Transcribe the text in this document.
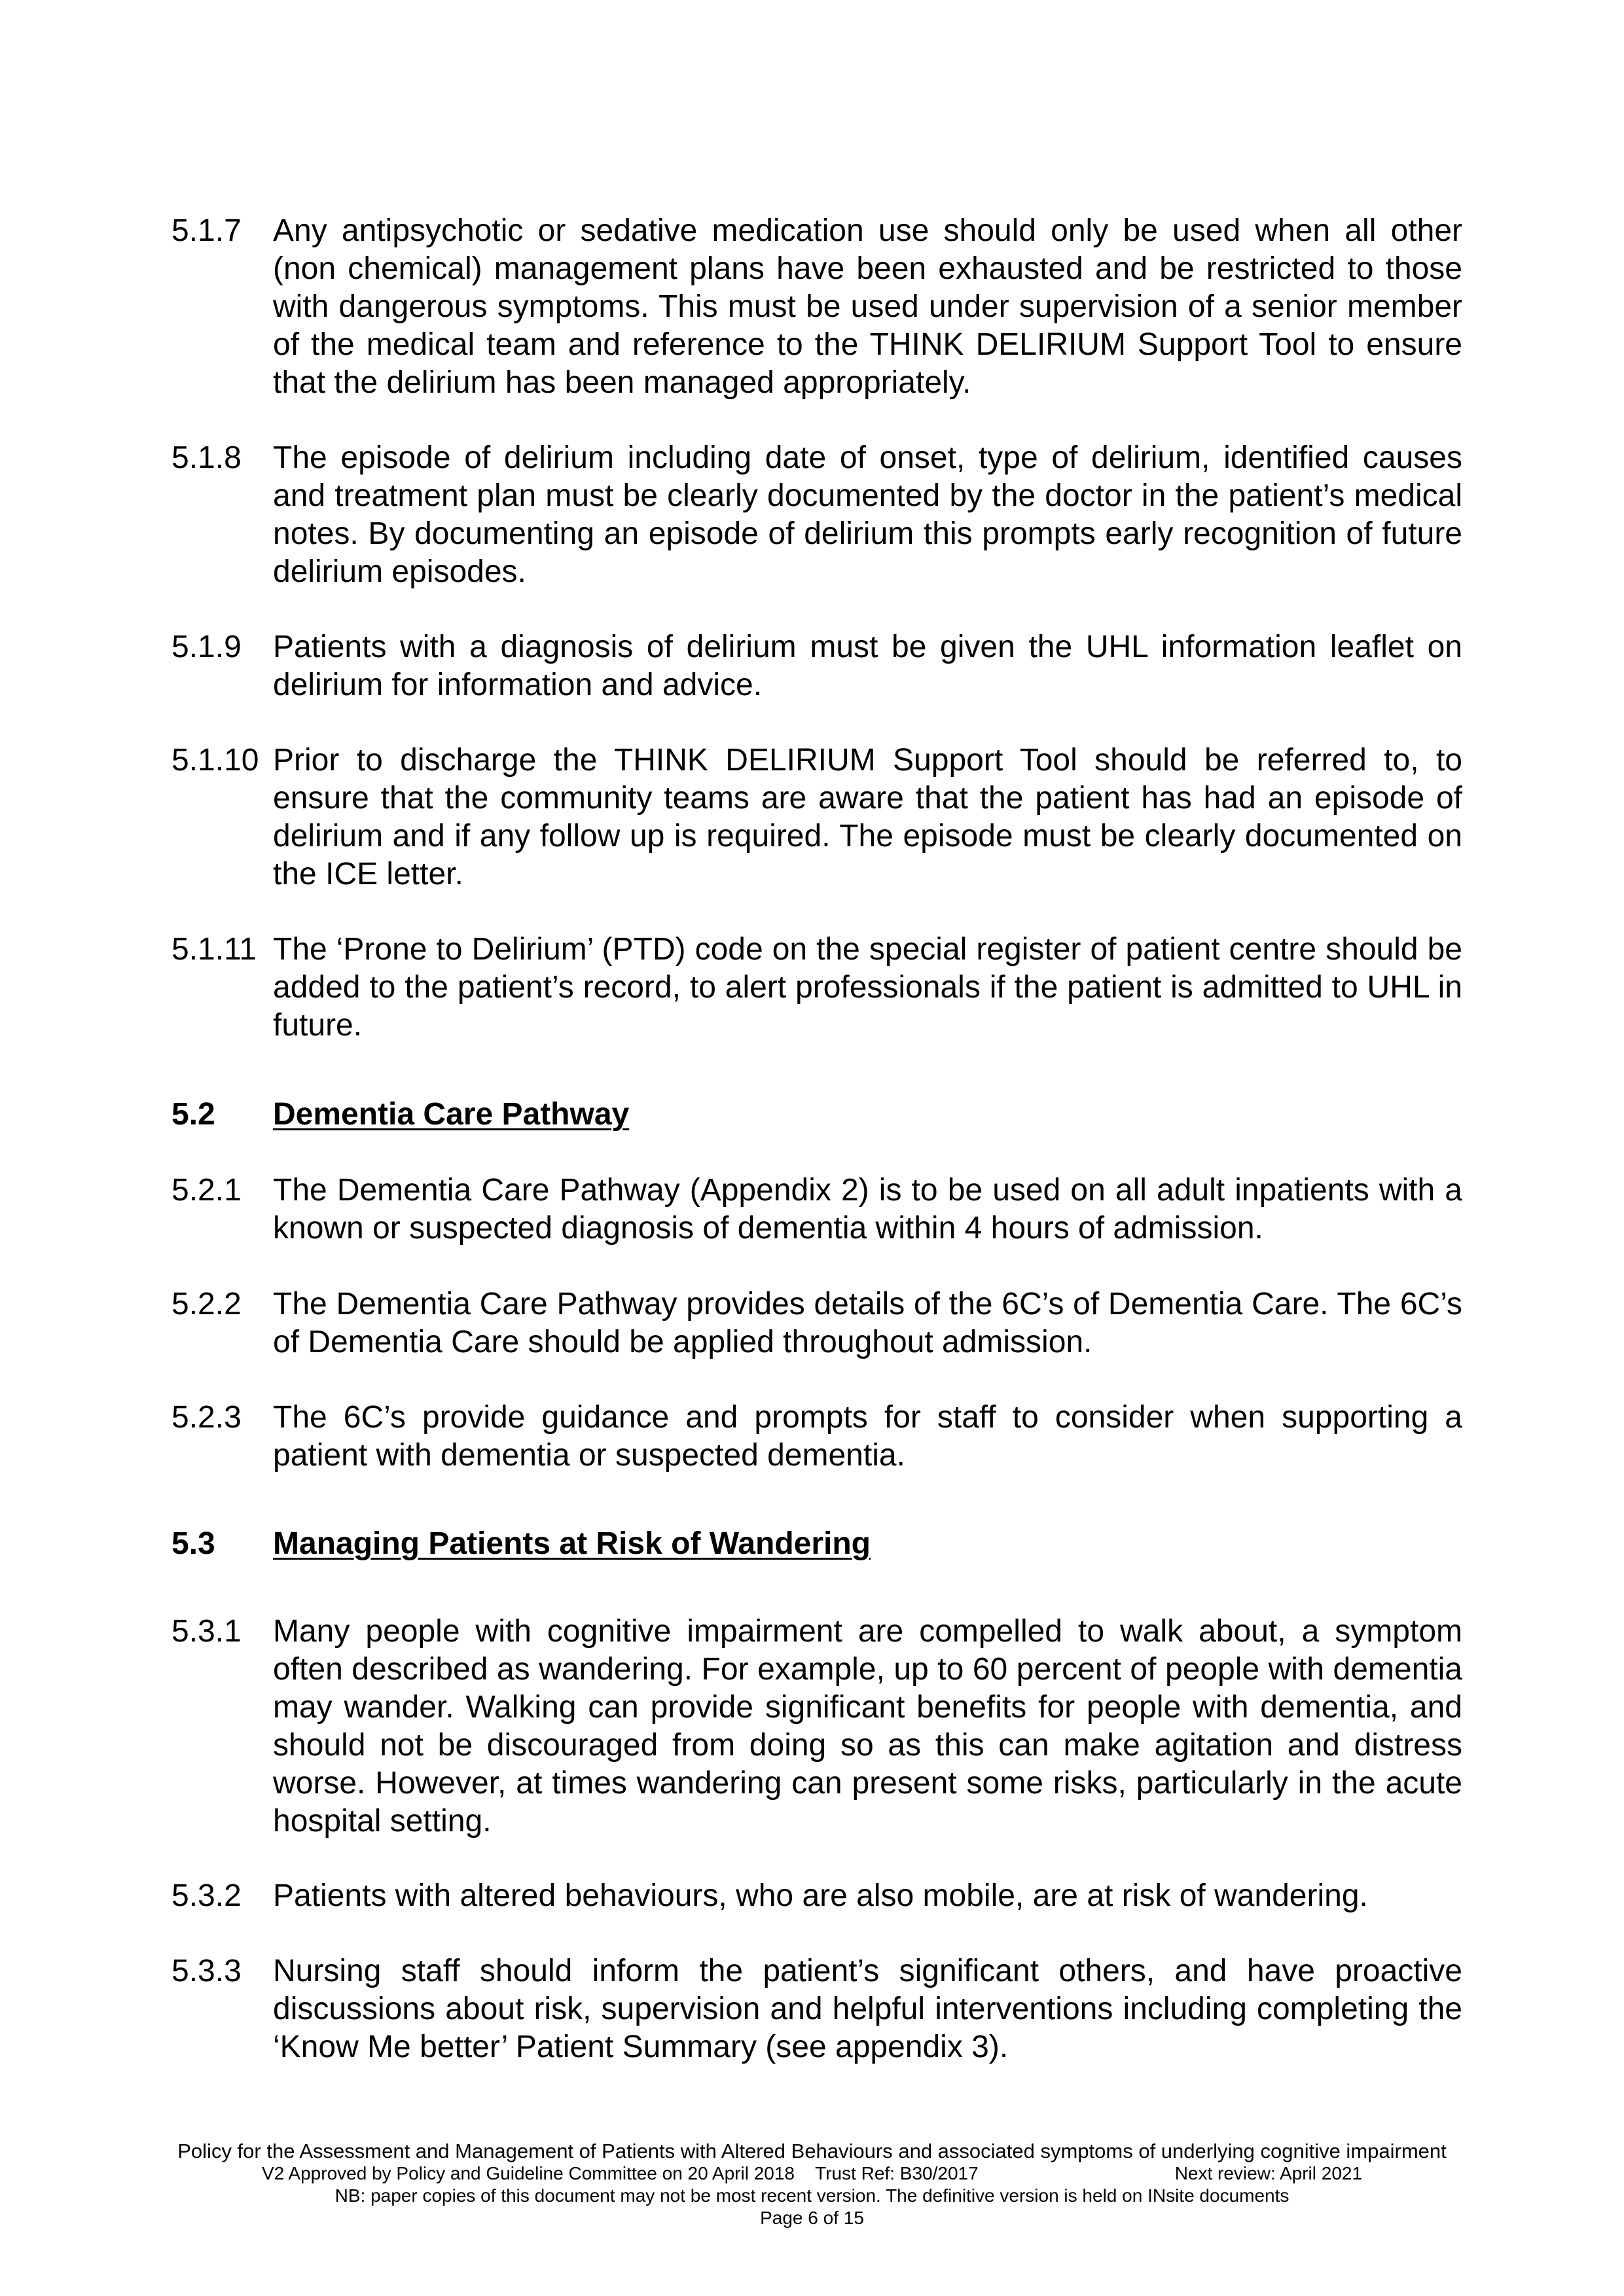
5.1.7	Any antipsychotic or sedative medication use should only be used when all other (non chemical) management plans have been exhausted and be restricted to those with dangerous symptoms. This must be used under supervision of a senior member of the medical team and reference to the THINK DELIRIUM Support Tool to ensure that the delirium has been managed appropriately.
5.1.8	The episode of delirium including date of onset, type of delirium, identified causes and treatment plan must be clearly documented by the doctor in the patient’s medical notes. By documenting an episode of delirium this prompts early recognition of future delirium episodes.
5.1.9	Patients with a diagnosis of delirium must be given the UHL information leaflet on delirium for information and advice.
5.1.10 Prior to discharge the THINK DELIRIUM Support Tool should be referred to, to ensure that the community teams are aware that the patient has had an episode of delirium and if any follow up is required. The episode must be clearly documented on the ICE letter.
5.1.11 The ‘Prone to Delirium’ (PTD) code on the special register of patient centre should be added to the patient’s record, to alert professionals if the patient is admitted to UHL in future.
5.2	Dementia Care Pathway
5.2.1	The Dementia Care Pathway (Appendix 2) is to be used on all adult inpatients with a known or suspected diagnosis of dementia within 4 hours of admission.
5.2.2	The Dementia Care Pathway provides details of the 6C’s of Dementia Care. The 6C’s of Dementia Care should be applied throughout admission.
5.2.3	The 6C’s provide guidance and prompts for staff to consider when supporting a patient with dementia or suspected dementia.
5.3	Managing Patients at Risk of Wandering
5.3.1	Many people with cognitive impairment are compelled to walk about, a symptom often described as wandering. For example, up to 60 percent of people with dementia may wander. Walking can provide significant benefits for people with dementia, and should not be discouraged from doing so as this can make agitation and distress worse. However, at times wandering can present some risks, particularly in the acute hospital setting.
5.3.2	Patients with altered behaviours, who are also mobile, are at risk of wandering.
5.3.3	Nursing staff should inform the patient’s significant others, and have proactive discussions about risk, supervision and helpful interventions including completing the ‘Know Me better’ Patient Summary (see appendix 3).
Policy for the Assessment and Management of Patients with Altered Behaviours and associated symptoms of underlying cognitive impairment
V2 Approved by Policy and Guideline Committee on 20 April 2018 Trust Ref: B30/2017	Next review: April 2021
NB: paper copies of this document may not be most recent version. The definitive version is held on INsite documents
Page 6 of 15
